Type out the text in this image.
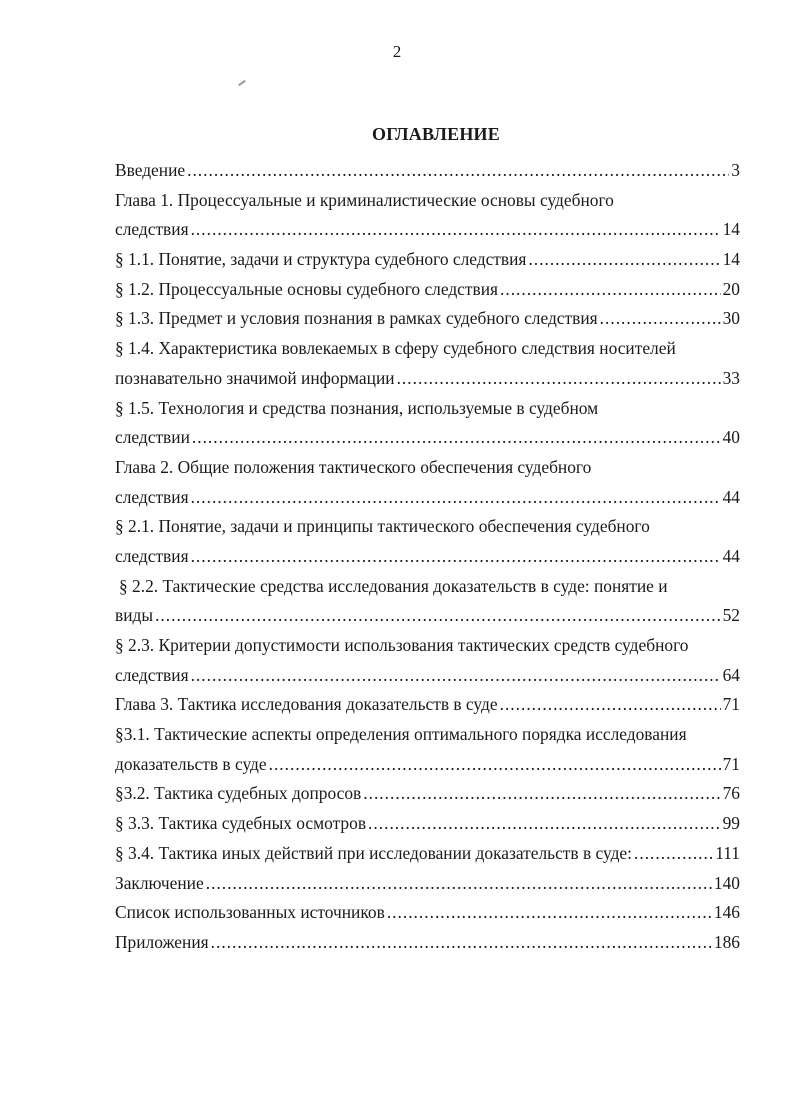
2
ОГЛАВЛЕНИЕ
Введение .....	3
Глава 1. Процессуальные и криминалистические основы судебного
следствия .....	14
§ 1.1. Понятие, задачи и структура судебного следствия .....	14
§ 1.2. Процессуальные основы судебного следствия .....	20
§ 1.3. Предмет и условия познания в рамках судебного следствия .....	30
§ 1.4. Характеристика вовлекаемых в сферу судебного следствия носителей
познавательно значимой информации .....	33
§ 1.5. Технология и средства познания, используемые в судебном
следствии .....	40
Глава 2. Общие положения тактического обеспечения судебного
следствия .....	44
§ 2.1. Понятие, задачи и принципы тактического обеспечения судебного
следствия .....	44
§ 2.2. Тактические средства исследования доказательств в суде: понятие и
виды .....	52
§ 2.3. Критерии допустимости использования тактических средств судебного
следствия .....	64
Глава 3. Тактика исследования доказательств в суде .....	71
§3.1. Тактические аспекты определения оптимального порядка исследования
доказательств в суде .....	71
§3.2. Тактика судебных допросов .....	76
§ 3.3. Тактика судебных осмотров .....	99
§ 3.4. Тактика иных действий при исследовании доказательств в суде: .....	111
Заключение .....	140
Список использованных источников .....	146
Приложения .....	186
